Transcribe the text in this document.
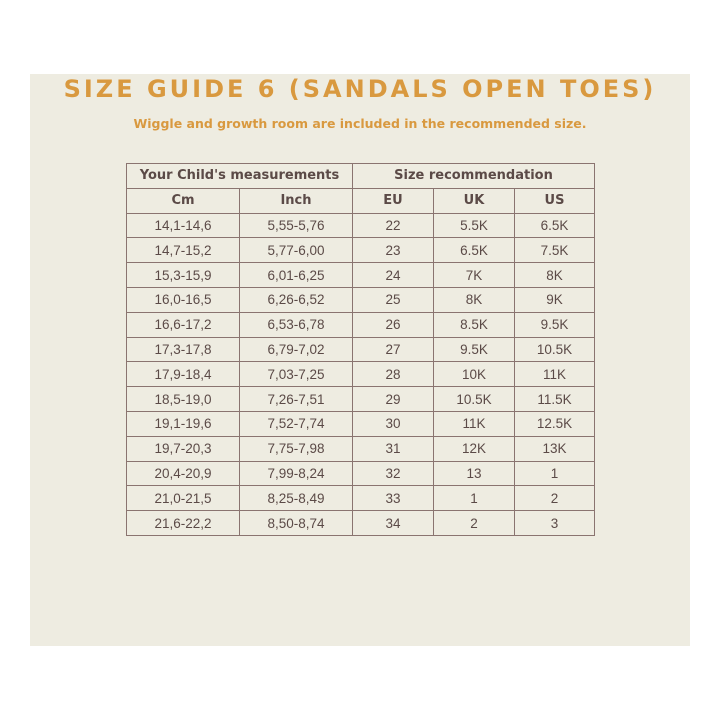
SIZE GUIDE 6 (SANDALS OPEN TOES)
Wiggle and growth room are included in the recommended size.
Your Child's measurements		Size recommendation		
Cm	Inch	EU	UK	US
14,1-14,6	5,55-5,76	22	5.5K	6.5K
14,7-15,2	5,77-6,00	23	6.5K	7.5K
15,3-15,9	6,01-6,25	24	7K	8K
16,0-16,5	6,26-6,52	25	8K	9K
16,6-17,2	6,53-6,78	26	8.5K	9.5K
17,3-17,8	6,79-7,02	27	9.5K	10.5K
17,9-18,4	7,03-7,25	28	10K	11K
18,5-19,0	7,26-7,51	29	10.5K	11.5K
19,1-19,6	7,52-7,74	30	11K	12.5K
19,7-20,3	7,75-7,98	31	12K	13K
20,4-20,9	7,99-8,24	32	13	1
21,0-21,5	8,25-8,49	33	1	2
21,6-22,2	8,50-8,74	34	2	3
